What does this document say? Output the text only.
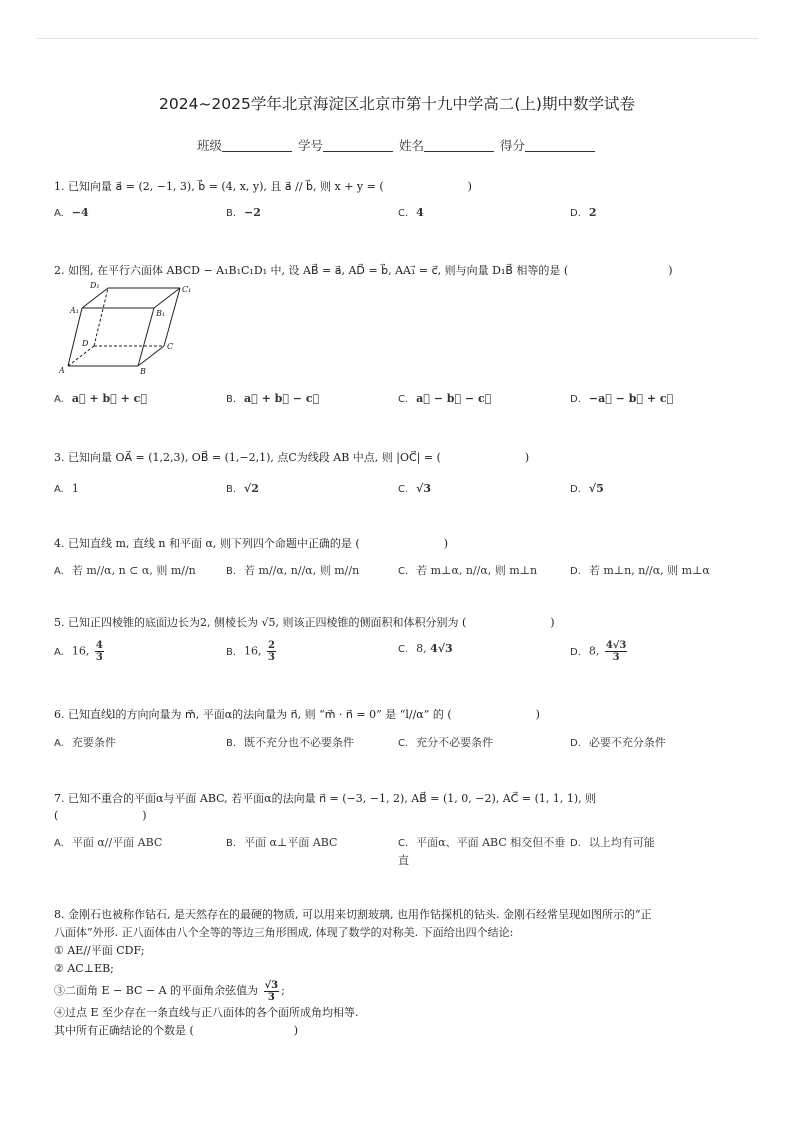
2024~2025学年北京海淀区北京市第十九中学高二(上)期中数学试卷
班级	学号	姓名	得分
1. 已知向量 a⃗ = (2, −1, 3), b⃗ = (4, x, y), 且 a⃗ // b⃗, 则 x + y = (	)
A. −4	B. −2	C. 4	D. 2
2. 如图, 在平行六面体 ABCD − A₁B₁C₁D₁ 中, 设 AB⃗ = a⃗, AD⃗ = b⃗, AA₁⃗ = c⃗, 则与向量 D₁B⃗ 相等的是 (	)
D₁	C₁
A₁	B₁
D	C
A	B
A. a⃗ + b⃗ + c⃗	B. a⃗ + b⃗ − c⃗	C. a⃗ − b⃗ − c⃗	D. −a⃗ − b⃗ + c⃗
3. 已知向量 OA⃗ = (1,2,3), OB⃗ = (1,−2,1), 点C为线段 AB 中点, 则 |OC⃗| = (	)
A. 1	B. √2	C. √3	D. √5
4. 已知直线 m, 直线 n 和平面 α, 则下列四个命题中正确的是 (	)
A. 若 m//α, n ⊂ α, 则 m//n	B. 若 m//α, n//α, 则 m//n	C. 若 m⊥α, n//α, 则 m⊥n	D. 若 m⊥n, n//α, 则 m⊥α
5. 已知正四棱锥的底面边长为2, 侧棱长为 √5, 则该正四棱锥的侧面积和体积分别为 (	)
A. 16, $\frac{4}{3}$	B. 16, $\frac{2}{3}$	C. 8, 4√3	D. 8, $\frac{4√3}{3}$
6. 已知直线l的方向向量为 m⃗, 平面α的法向量为 n⃗, 则 “m⃗ · n⃗ = 0” 是 “l//α” 的 (	)
A. 充要条件	B. 既不充分也不必要条件	C. 充分不必要条件	D. 必要不充分条件
7. 已知不重合的平面α与平面 ABC, 若平面α的法向量 n⃗ = (−3, −1, 2), AB⃗ = (1, 0, −2), AC⃗ = (1, 1, 1), 则
(	)
A. 平面 α//平面 ABC	B. 平面 α⊥平面 ABC	C. 平面α、平面 ABC 相交但不垂直
D. 以上均有可能
8. 金刚石也被称作钻石, 是天然存在的最硬的物质, 可以用来切割玻璃, 也用作钻探机的钻头. 金刚石经常呈现如图所示的“正
八面体”外形. 正八面体由八个全等的等边三角形围成, 体现了数学的对称美. 下面给出四个结论:
① AE//平面 CDF;
② AC⊥EB;
③二面角 E − BC − A 的平面角余弦值为 $\frac{√3}{3}$ ;
④过点 E 至少存在一条直线与正八面体的各个面所成角均相等.
其中所有正确结论的个数是 (	)
